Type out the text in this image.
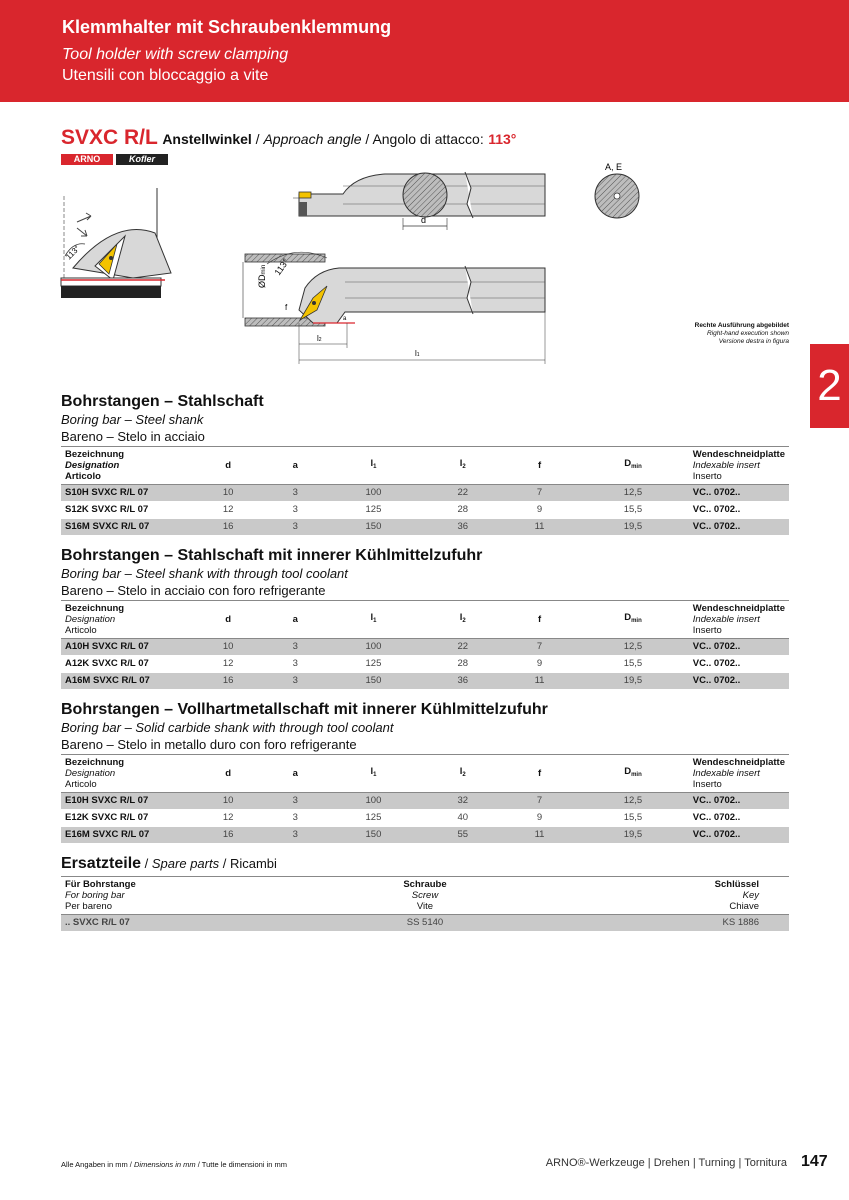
Klemmhalter mit Schraubenklemmung
Tool holder with screw clamping
Utensili con bloccaggio a vite
2
SVXC R/L Anstellwinkel / Approach angle / Angolo di attacco: 113°
ARNO	Kofler
113°
d
A, E
ØDmin 113°
f
a
l2
l1
Rechte Ausführung abgebildet
Right-hand execution shown
Versione destra in figura
Bohrstangen – Stahlschaft
Boring bar – Steel shank
Bareno – Stelo in acciaio
Bezeichnung
Designation
Articolo	d	a	$l_1$	$l_2$	f	$D_{min}$	Wendeschneidplatte
Indexable insert
Inserto
S10H SVXC R/L 07	10	3	100	22	7	12,5	VC.. 0702..
S12K SVXC R/L 07	12	3	125	28	9	15,5	VC.. 0702..
S16M SVXC R/L 07	16	3	150	36	11	19,5	VC.. 0702..
Bohrstangen – Stahlschaft mit innerer Kühlmittelzufuhr
Boring bar – Steel shank with through tool coolant
Bareno – Stelo in acciaio con foro refrigerante
Bezeichnung
Designation
Articolo	d	a	$l_1$	$l_2$	f	$D_{min}$	Wendeschneidplatte
Indexable insert
Inserto
A10H SVXC R/L 07	10	3	100	22	7	12,5	VC.. 0702..
A12K SVXC R/L 07	12	3	125	28	9	15,5	VC.. 0702..
A16M SVXC R/L 07	16	3	150	36	11	19,5	VC.. 0702..
Bohrstangen – Vollhartmetallschaft mit innerer Kühlmittelzufuhr
Boring bar – Solid carbide shank with through tool coolant
Bareno – Stelo in metallo duro con foro refrigerante
Bezeichnung
Designation
Articolo	d	a	$l_1$	$l_2$	f	$D_{min}$	Wendeschneidplatte
Indexable insert
Inserto
E10H SVXC R/L 07	10	3	100	32	7	12,5	VC.. 0702..
E12K SVXC R/L 07	12	3	125	40	9	15,5	VC.. 0702..
E16M SVXC R/L 07	16	3	150	55	11	19,5	VC.. 0702..
Ersatzteile / Spare parts / Ricambi
Für Bohrstange
For boring bar
Per bareno	Schraube
Screw
Vite	Schlüssel
Key
Chiave
.. SVXC R/L 07	SS 5140	KS 1886
Alle Angaben in mm / Dimensions in mm / Tutte le dimensioni in mm	ARNO®-Werkzeuge | Drehen | Turning | Tornitura 147
